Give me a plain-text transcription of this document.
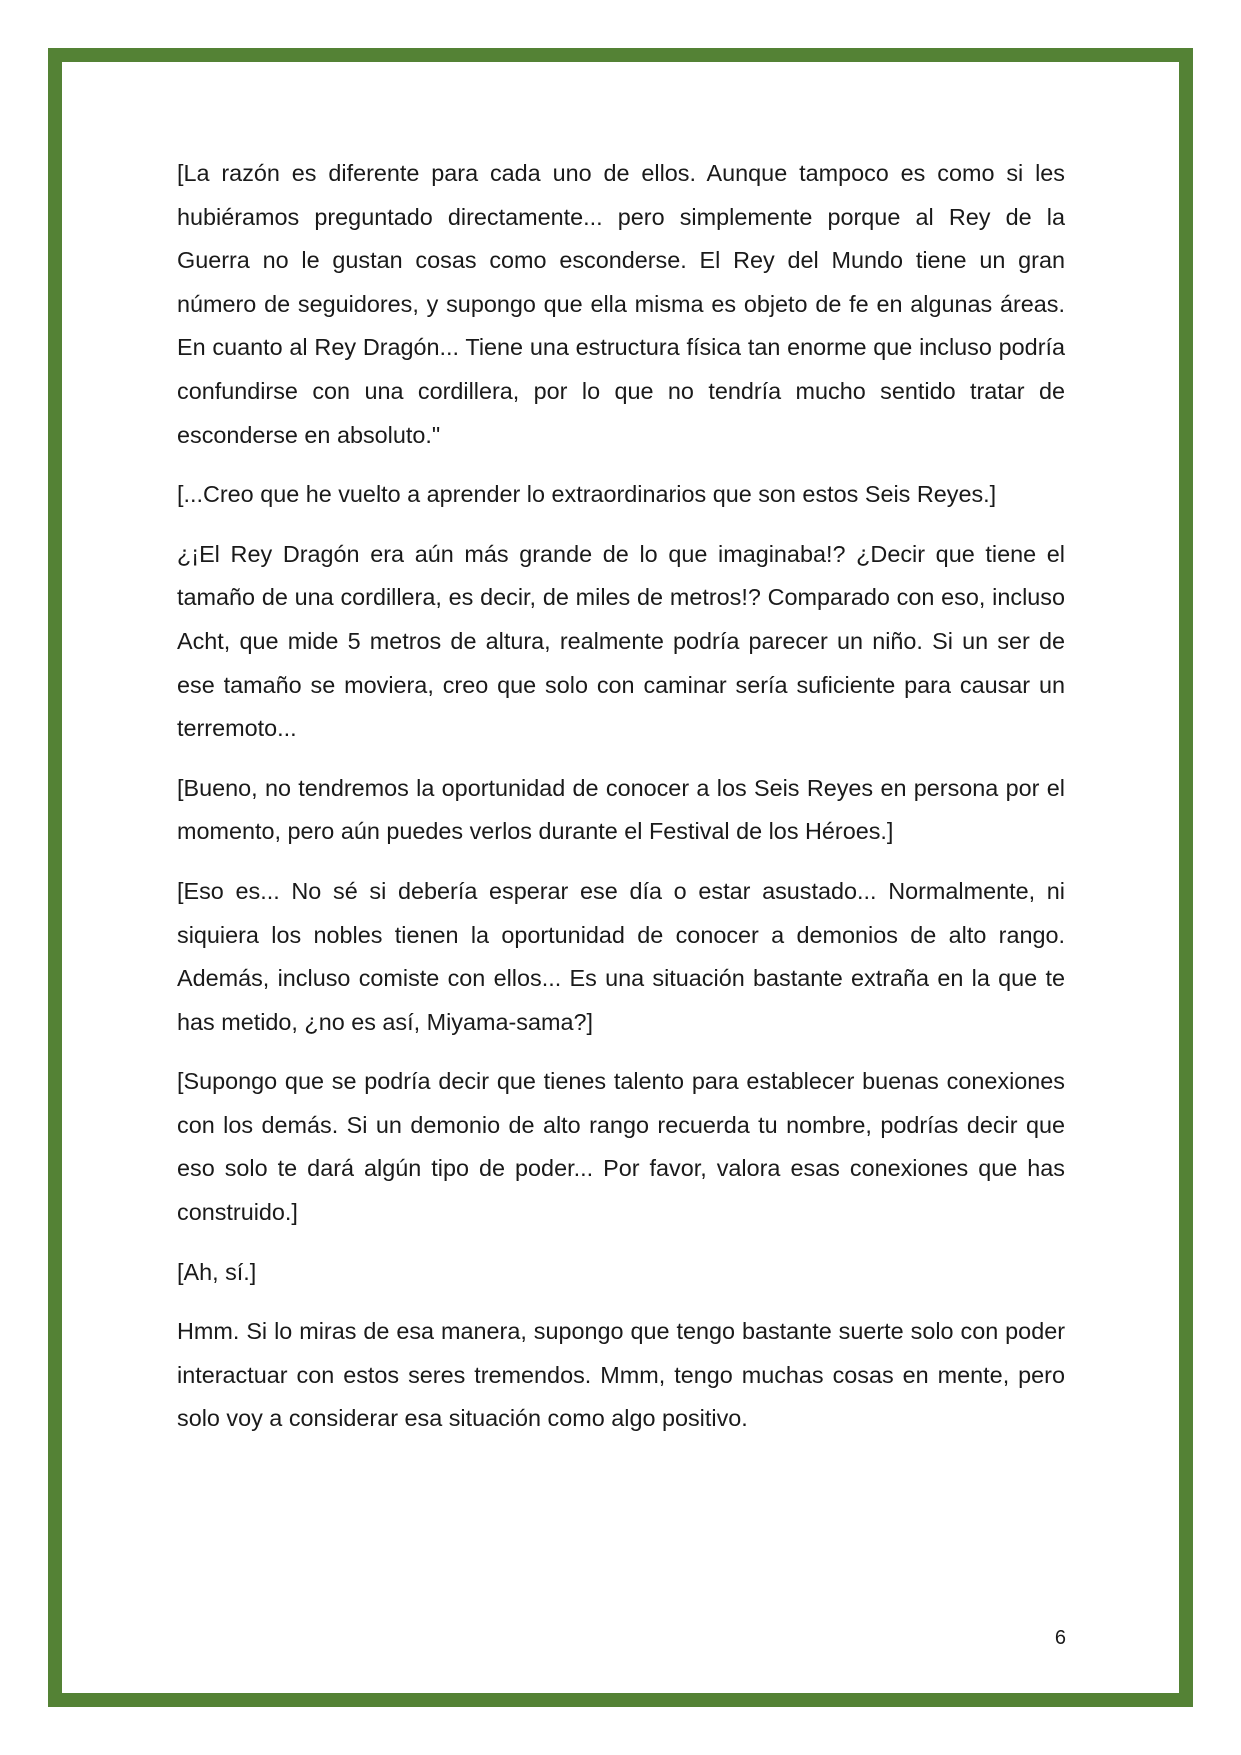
[La razón es diferente para cada uno de ellos. Aunque tampoco es como si les hubiéramos preguntado directamente... pero simplemente porque al Rey de la Guerra no le gustan cosas como esconderse. El Rey del Mundo tiene un gran número de seguidores, y supongo que ella misma es objeto de fe en algunas áreas. En cuanto al Rey Dragón... Tiene una estructura física tan enorme que incluso podría confundirse con una cordillera, por lo que no tendría mucho sentido tratar de esconderse en absoluto."

[...Creo que he vuelto a aprender lo extraordinarios que son estos Seis Reyes.]

¿¡El Rey Dragón era aún más grande de lo que imaginaba!? ¿Decir que tiene el tamaño de una cordillera, es decir, de miles de metros!? Comparado con eso, incluso Acht, que mide 5 metros de altura, realmente podría parecer un niño. Si un ser de ese tamaño se moviera, creo que solo con caminar sería suficiente para causar un terremoto...

[Bueno, no tendremos la oportunidad de conocer a los Seis Reyes en persona por el momento, pero aún puedes verlos durante el Festival de los Héroes.]

[Eso es... No sé si debería esperar ese día o estar asustado... Normalmente, ni siquiera los nobles tienen la oportunidad de conocer a demonios de alto rango. Además, incluso comiste con ellos... Es una situación bastante extraña en la que te has metido, ¿no es así, Miyama-sama?]

[Supongo que se podría decir que tienes talento para establecer buenas conexiones con los demás. Si un demonio de alto rango recuerda tu nombre, podrías decir que eso solo te dará algún tipo de poder... Por favor, valora esas conexiones que has construido.]

[Ah, sí.]

Hmm. Si lo miras de esa manera, supongo que tengo bastante suerte solo con poder interactuar con estos seres tremendos. Mmm, tengo muchas cosas en mente, pero solo voy a considerar esa situación como algo positivo.

6
